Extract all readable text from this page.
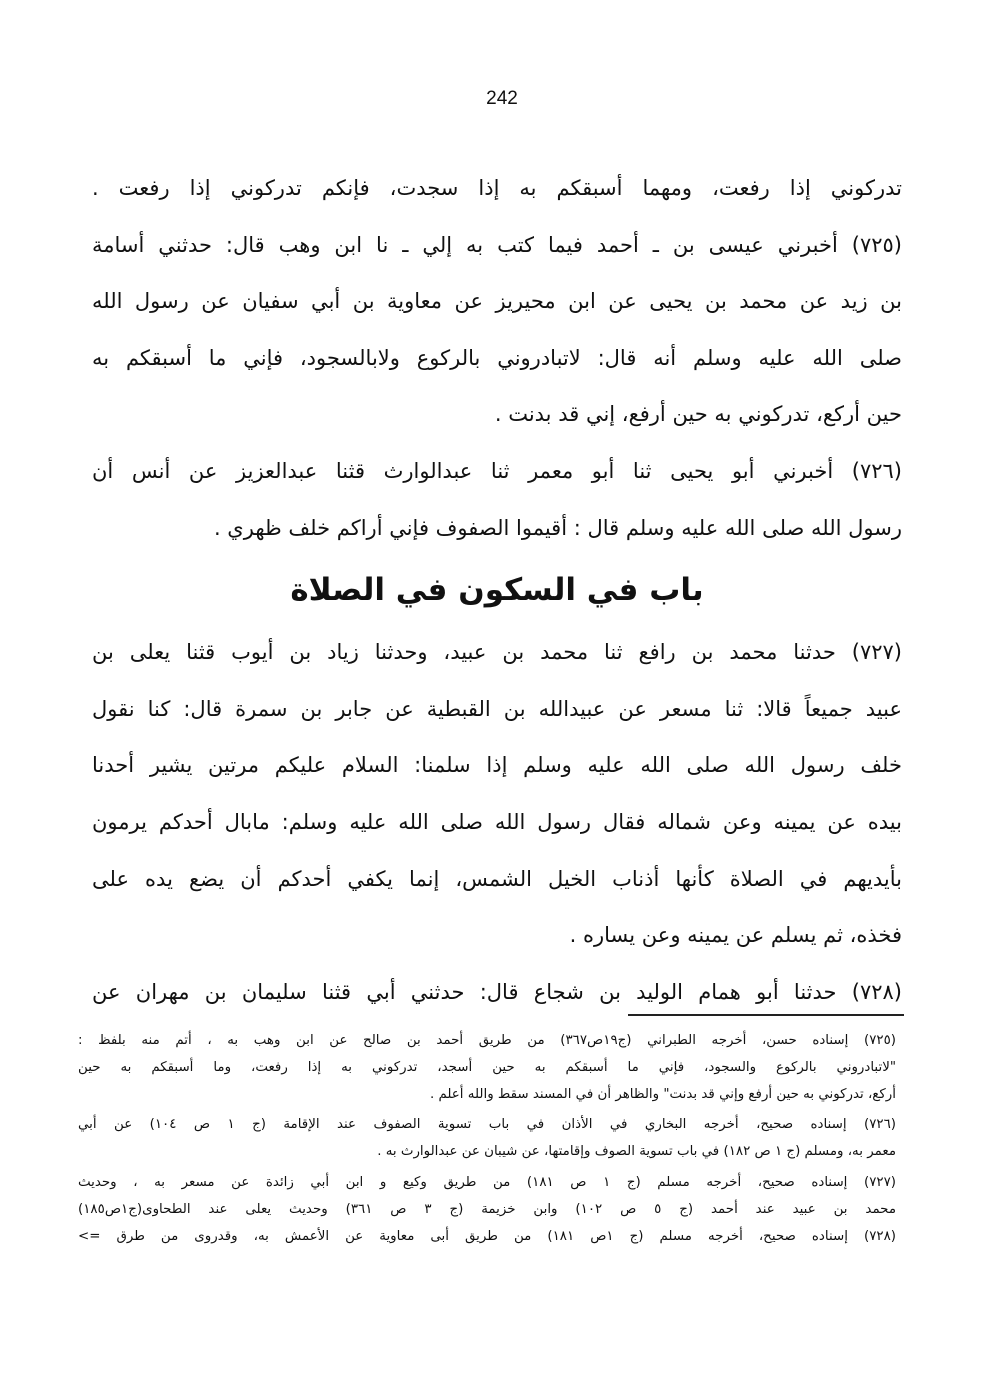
242
تدركوني إذا رفعت، ومهما أسبقكم به إذا سجدت، فإنكم تدركوني إذا رفعت .
(٧٢٥) أخبرني عيسى بن ـ أحمد فيما كتب به إلي ـ نا ابن وهب قال: حدثني أسامة
بن زيد عن محمد بن يحيى عن ابن محيريز عن معاوية بن أبي سفيان عن رسول الله
صلى الله عليه وسلم أنه قال: لاتبادروني بالركوع ولابالسجود، فإني ما أسبقكم به
حين أركع، تدركوني به حين أرفع، إني قد بدنت .
(٧٢٦) أخبرني أبو يحيى ثنا أبو معمر ثنا عبدالوارث قثنا عبدالعزيز عن أنس أن
رسول الله صلى الله عليه وسلم قال : أقيموا الصفوف فإني أراكم خلف ظهري .
باب في السكون في الصلاة
(٧٢٧) حدثنا محمد بن رافع ثنا محمد بن عبيد، وحدثنا زياد بن أيوب قثنا يعلى بن
عبيد جميعاً قالا: ثنا مسعر عن عبيدالله بن القبطية عن جابر بن سمرة قال: كنا نقول
خلف رسول الله صلى الله عليه وسلم إذا سلمنا: السلام عليكم مرتين يشير أحدنا
بيده عن يمينه وعن شماله فقال رسول الله صلى الله عليه وسلم: مابال أحدكم يرمون
بأيديهم في الصلاة كأنها أذناب الخيل الشمس، إنما يكفي أحدكم أن يضع يده على
فخذه، ثم يسلم عن يمينه وعن يساره .
(٧٢٨) حدثنا أبو همام الوليد بن شجاع قال: حدثني أبي قثنا سليمان بن مهران عن
(٧٢٥) إسناده حسن، أخرجه الطبراني (ج١٩ص٣٦٧) من طريق أحمد بن صالح عن ابن وهب به ، أتم منه بلفظ :
"لاتبادروني بالركوع والسجود، فإني ما أسبقكم به حين أسجد، تدركوني به إذا رفعت، وما أسبقكم به حين
أركع، تدركوني به حين أرفع وإني قد بدنت" والظاهر أن في المسند سقط والله أعلم .
(٧٢٦) إسناده صحيح، أخرجه البخاري في الأذان في باب تسوية الصفوف عند الإقامة (ج ١ ص ١٠٤) عن أبي
معمر به، ومسلم (ج ١ ص ١٨٢) في باب تسوية الصوف وإقامتها، عن شيبان عن عبدالوارث به .
(٧٢٧) إسناده صحيح، أخرجه مسلم (ج ١ ص ١٨١) من طريق وكيع و ابن أبي زائدة عن مسعر به ، وحديث
محمد بن عبيد عند أحمد (ج ٥ ص ١٠٢) وابن خزيمة (ج ٣ ص ٣٦١) وحديث يعلى عند الطحاوى(ج١ص١٨٥)
(٧٢٨) إسناده صحيح، أخرجه مسلم (ج ١ص ١٨١) من طريق أبى معاوية عن الأعمش به، وقدروى من طرق =>
